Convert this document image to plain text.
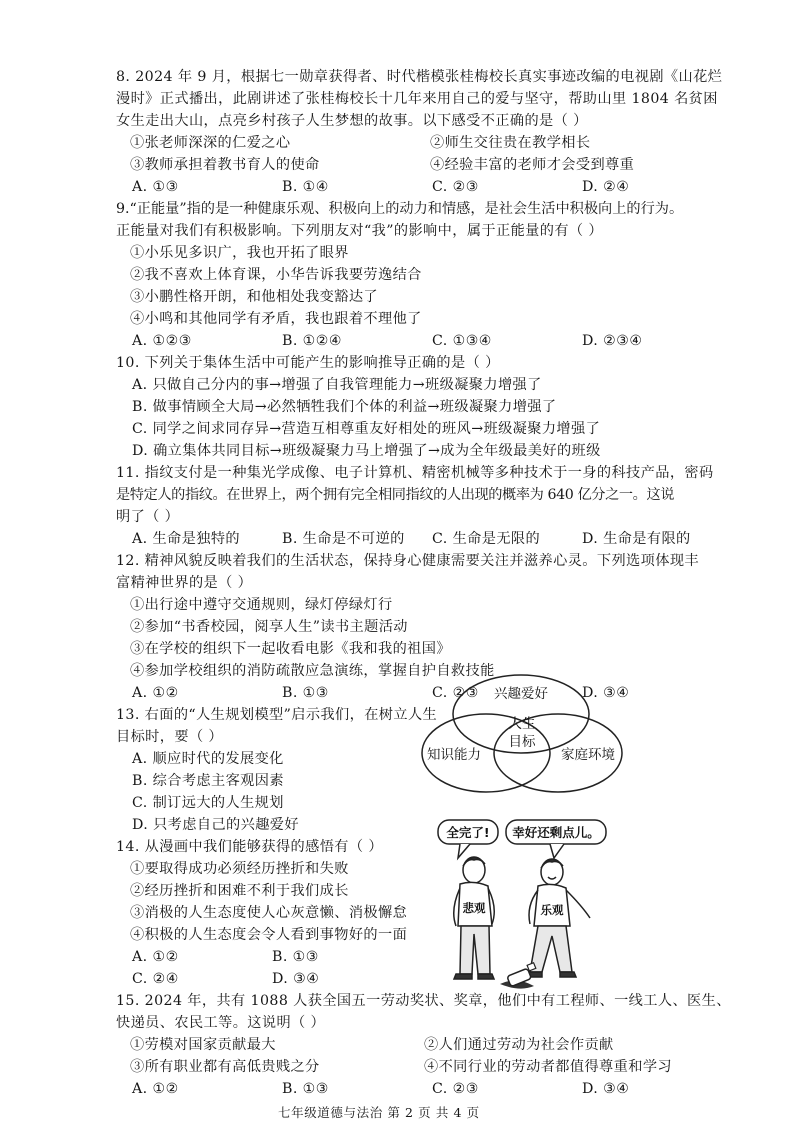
8. 2024 年 9 月，根据七一勋章获得者、时代楷模张桂梅校长真实事迹改编的电视剧《山花烂
漫时》正式播出，此剧讲述了张桂梅校长十几年来用自己的爱与坚守，帮助山里 1804 名贫困
女生走出大山，点亮乡村孩子人生梦想的故事。以下感受不正确的是（ ）
①张老师深深的仁爱之心	②师生交往贵在教学相长
③教师承担着教书育人的使命	④经验丰富的老师才会受到尊重
A. ①③	B. ①④	C. ②③	D. ②④
9.“正能量”指的是一种健康乐观、积极向上的动力和情感，是社会生活中积极向上的行为。
正能量对我们有积极影响。下列朋友对“我”的影响中，属于正能量的有（ ）
①小乐见多识广，我也开拓了眼界
②我不喜欢上体育课，小华告诉我要劳逸结合
③小鹏性格开朗，和他相处我变豁达了
④小鸣和其他同学有矛盾，我也跟着不理他了
A. ①②③	B. ①②④	C. ①③④	D. ②③④
10. 下列关于集体生活中可能产生的影响推导正确的是（ ）
A. 只做自己分内的事→增强了自我管理能力→班级凝聚力增强了
B. 做事情顾全大局→必然牺牲我们个体的利益→班级凝聚力增强了
C. 同学之间求同存异→营造互相尊重友好相处的班风→班级凝聚力增强了
D. 确立集体共同目标→班级凝聚力马上增强了→成为全年级最美好的班级
11. 指纹支付是一种集光学成像、电子计算机、精密机械等多种技术于一身的科技产品，密码
是特定人的指纹。在世界上，两个拥有完全相同指纹的人出现的概率为 640 亿分之一。这说
明了（ ）
A. 生命是独特的	B. 生命是不可逆的 C. 生命是无限的	D. 生命是有限的
12. 精神风貌反映着我们的生活状态，保持身心健康需要关注并滋养心灵。下列选项体现丰
富精神世界的是（ ）
①出行途中遵守交通规则，绿灯停绿灯行
②参加“书香校园，阅享人生”读书主题活动
③在学校的组织下一起收看电影《我和我的祖国》
④参加学校组织的消防疏散应急演练，掌握自护自救技能
A. ①②	B. ①③	C. ②③	D. ③④
13. 右面的“人生规划模型”启示我们，在树立人生
目标时，要（ ）
A. 顺应时代的发展变化
B. 综合考虑主客观因素
C. 制订远大的人生规划
D. 只考虑自己的兴趣爱好
兴趣爱好
知识能力	家庭环境
人生
目标
14. 从漫画中我们能够获得的感悟有（ ）
①要取得成功必须经历挫折和失败
②经历挫折和困难不利于我们成长
③消极的人生态度使人心灰意懒、消极懈怠
④积极的人生态度会令人看到事物好的一面
A. ①②	B. ①③
C. ②④	D. ③④
全完了! 幸好还剩点儿。
悲观	乐观
15. 2024 年，共有 1088 人获全国五一劳动奖状、奖章，他们中有工程师、一线工人、医生、
快递员、农民工等。这说明（ ）
①劳模对国家贡献最大	②人们通过劳动为社会作贡献
③所有职业都有高低贵贱之分	④不同行业的劳动者都值得尊重和学习
A. ①②	B. ①③	C. ②③	D. ③④
七年级道德与法治 第 2 页 共 4 页
